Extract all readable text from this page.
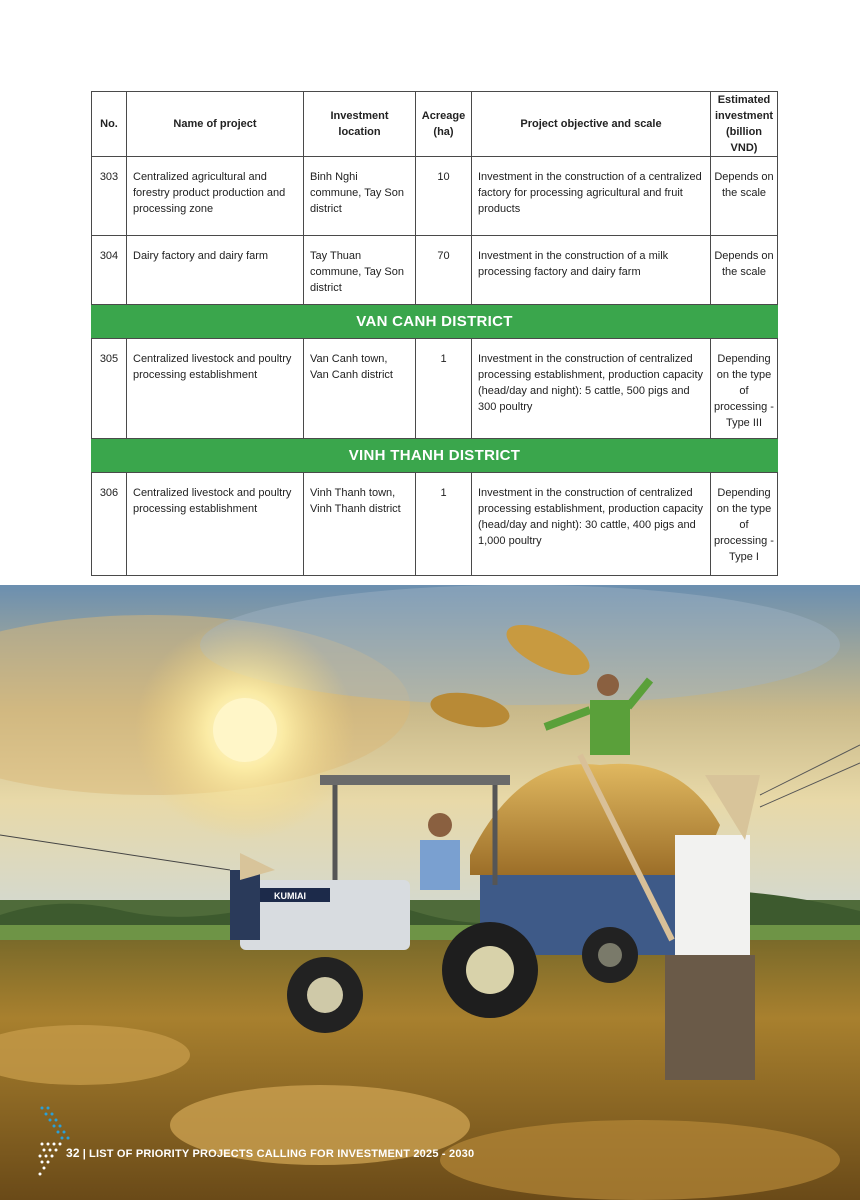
No.	Name of project	Investment location	Acreage (ha)	Project objective and scale	Estimated investment (billion VND)
303	Centralized agricultural and forestry product production and processing zone	Binh Nghi commune, Tay Son district	10	Investment in the construction of a centralized factory for processing agricultural and fruit products	Depends on the scale
304	Dairy factory and dairy farm	Tay Thuan commune, Tay Son district	70	Investment in the construction of a milk processing factory and dairy farm	Depends on the scale
VAN CANH DISTRICT					
305	Centralized livestock and poultry processing establishment	Van Canh town, Van Canh district	1	Investment in the construction of centralized processing establishment, production capacity (head/day and night): 5 cattle, 500 pigs and 300 poultry	Depending on the type of processing - Type III
VINH THANH DISTRICT					
306	Centralized livestock and poultry processing establishment	Vinh Thanh town, Vinh Thanh district	1	Investment in the construction of centralized processing establishment, production capacity (head/day and night): 30 cattle, 400 pigs and 1,000 poultry	Depending on the type of processing - Type I
KUMIAI
32 | LIST OF PRIORITY PROJECTS CALLING FOR INVESTMENT 2025 - 2030
